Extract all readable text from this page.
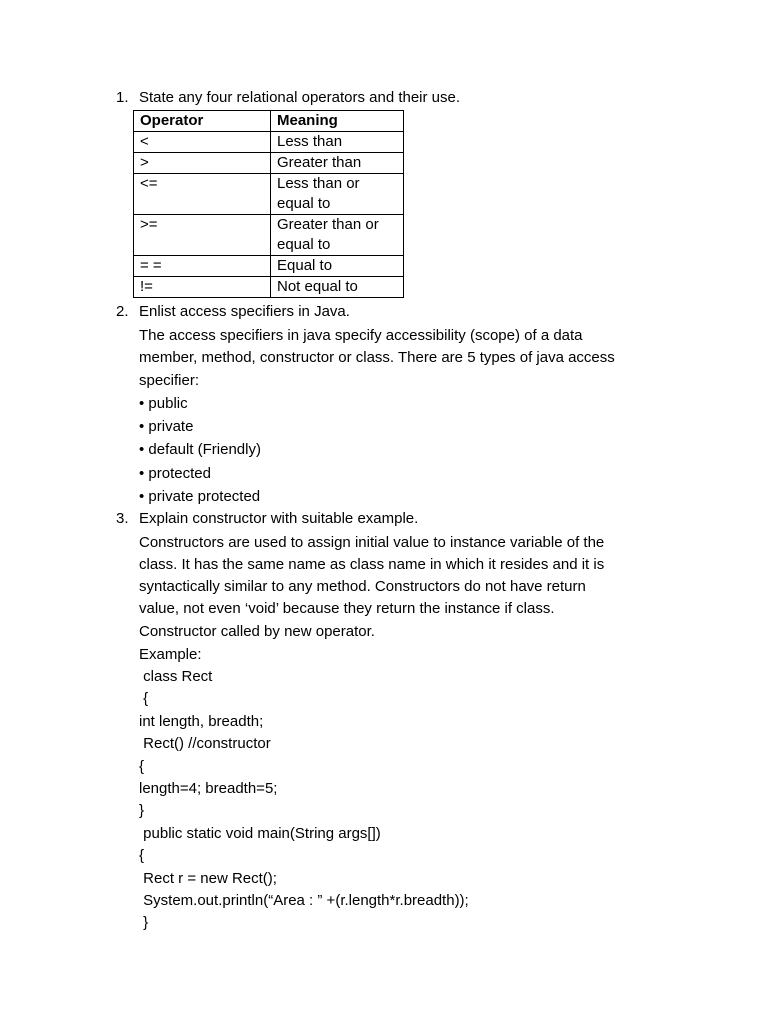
1. State any four relational operators and their use.
Operator	Meaning
<	Less than
>	Greater than
<=	Less than or equal to
>=	Greater than or equal to
= =	Equal to
!=	Not equal to
2. Enlist access specifiers in Java.
The access specifiers in java specify accessibility (scope) of a data
member, method, constructor or class. There are 5 types of java access
specifier:
• public
• private
• default (Friendly)
• protected
• private protected
3. Explain constructor with suitable example.
Constructors are used to assign initial value to instance variable of the
class. It has the same name as class name in which it resides and it is
syntactically similar to any method. Constructors do not have return
value, not even ‘void’ because they return the instance if class.
Constructor called by new operator.
Example:
class Rect
{
int length, breadth;
Rect() //constructor
{
length=4; breadth=5;
}
public static void main(String args[])
{
Rect r = new Rect();
System.out.println(“Area : ” +(r.length*r.breadth));
}
